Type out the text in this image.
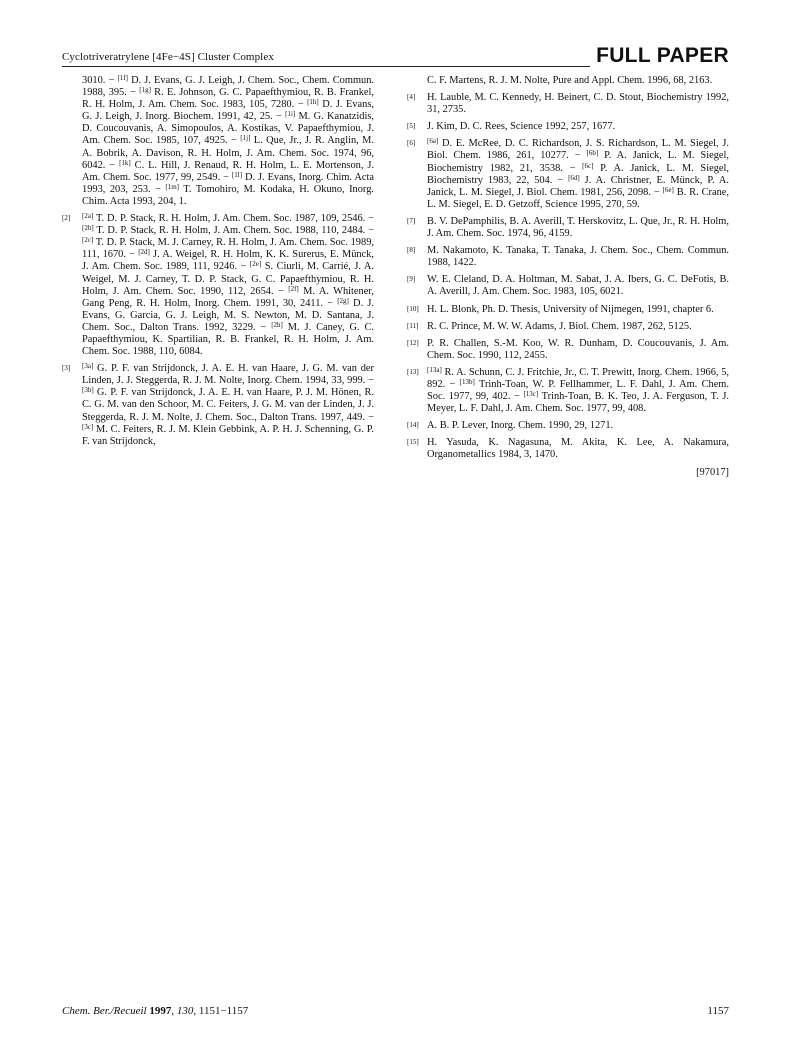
Cyclotriveratrylene [4Fe−4S] Cluster Complex	FULL PAPER
3010. − [1f] D. J. Evans, G. J. Leigh, J. Chem. Soc., Chem. Commun. 1988, 395. − [1g] R. E. Johnson, G. C. Papaefthymiou, R. B. Frankel, R. H. Holm, J. Am. Chem. Soc. 1983, 105, 7280. − [1h] D. J. Evans, G. J. Leigh, J. Inorg. Biochem. 1991, 42, 25. − [1i] M. G. Kanatzidis, D. Coucouvanis, A. Simopoulos, A. Kostikas, V. Papaefthymiou, J. Am. Chem. Soc. 1985, 107, 4925. − [1j] L. Que, Jr., J. R. Anglin, M. A. Bobrik, A. Davison, R. H. Holm, J. Am. Chem. Soc. 1974, 96, 6042. − [1k] C. L. Hill, J. Renaud, R. H. Holm, L. E. Mortenson, J. Am. Chem. Soc. 1977, 99, 2549. − [1l] D. J. Evans, Inorg. Chim. Acta 1993, 203, 253. − [1m] T. Tomohiro, M. Kodaka, H. Okuno, Inorg. Chim. Acta 1993, 204, 1.
[2] [2a] T. D. P. Stack, R. H. Holm, J. Am. Chem. Soc. 1987, 109, 2546. − [2b] T. D. P. Stack, R. H. Holm, J. Am. Chem. Soc. 1988, 110, 2484. − [2c] T. D. P. Stack, M. J. Carney, R. H. Holm, J. Am. Chem. Soc. 1989, 111, 1670. − [2d] J. A. Weigel, R. H. Holm, K. K. Surerus, E. Münck, J. Am. Chem. Soc. 1989, 111, 9246. − [2e] S. Ciurli, M. Carrié, J. A. Weigel, M. J. Carney, T. D. P. Stack, G. C. Papaefthymiou, R. H. Holm, J. Am. Chem. Soc. 1990, 112, 2654. − [2f] M. A. Whitener, Gang Peng, R. H. Holm, Inorg. Chem. 1991, 30, 2411. − [2g] D. J. Evans, G. Garcia, G. J. Leigh, M. S. Newton, M. D. Santana, J. Chem. Soc., Dalton Trans. 1992, 3229. − [2h] M. J. Caney, G. C. Papaefthymiou, K. Spartilian, R. B. Frankel, R. H. Holm, J. Am. Chem. Soc. 1988, 110, 6084.
[3] [3a] G. P. F. van Strijdonck, J. A. E. H. van Haare, J. G. M. van der Linden, J. J. Steggerda, R. J. M. Nolte, Inorg. Chem. 1994, 33, 999. − [3b] G. P. F. van Strijdonck, J. A. E. H. van Haare, P. J. M. Hönen, R. C. G. M. van den Schoor, M. C. Feiters, J. G. M. van der Linden, J. J. Steggerda, R. J. M. Nolte, J. Chem. Soc., Dalton Trans. 1997, 449. − [3c] M. C. Feiters, R. J. M. Klein Gebbink, A. P. H. J. Schenning, G. P. F. van Strijdonck,
C. F. Martens, R. J. M. Nolte, Pure and Appl. Chem. 1996, 68, 2163.
[4] H. Lauble, M. C. Kennedy, H. Beinert, C. D. Stout, Biochemistry 1992, 31, 2735.
[5] J. Kim, D. C. Rees, Science 1992, 257, 1677.
[6] [6a] D. E. McRee, D. C. Richardson, J. S. Richardson, L. M. Siegel, J. Biol. Chem. 1986, 261, 10277. − [6b] P. A. Janick, L. M. Siegel, Biochemistry 1982, 21, 3538. − [6c] P. A. Janick, L. M. Siegel, Biochemistry 1983, 22, 504. − [6d] J. A. Christner, E. Münck, P. A. Janick, L. M. Siegel, J. Biol. Chem. 1981, 256, 2098. − [6e] B. R. Crane, L. M. Siegel, E. D. Getzoff, Science 1995, 270, 59.
[7] B. V. DePamphilis, B. A. Averill, T. Herskovitz, L. Que, Jr., R. H. Holm, J. Am. Chem. Soc. 1974, 96, 4159.
[8] M. Nakamoto, K. Tanaka, T. Tanaka, J. Chem. Soc., Chem. Commun. 1988, 1422.
[9] W. E. Cleland, D. A. Holtman, M. Sabat, J. A. Ibers, G. C. DeFotis, B. A. Averill, J. Am. Chem. Soc. 1983, 105, 6021.
[10] H. L. Blonk, Ph. D. Thesis, University of Nijmegen, 1991, chapter 6.
[11] R. C. Prince, M. W. W. Adams, J. Biol. Chem. 1987, 262, 5125.
[12] P. R. Challen, S.-M. Koo, W. R. Dunham, D. Coucouvanis, J. Am. Chem. Soc. 1990, 112, 2455.
[13] [13a] R. A. Schunn, C. J. Fritchie, Jr., C. T. Prewitt, Inorg. Chem. 1966, 5, 892. − [13b] Trinh-Toan, W. P. Fellhammer, L. F. Dahl, J. Am. Chem. Soc. 1977, 99, 402. − [13c] Trinh-Toan, B. K. Teo, J. A. Ferguson, T. J. Meyer, L. F. Dahl, J. Am. Chem. Soc. 1977, 99, 408.
[14] A. B. P. Lever, Inorg. Chem. 1990, 29, 1271.
[15] H. Yasuda, K. Nagasuna, M. Akita, K. Lee, A. Nakamura, Organometallics 1984, 3, 1470.
[97017]
Chem. Ber./Recueil 1997, 130, 1151−1157	1157
